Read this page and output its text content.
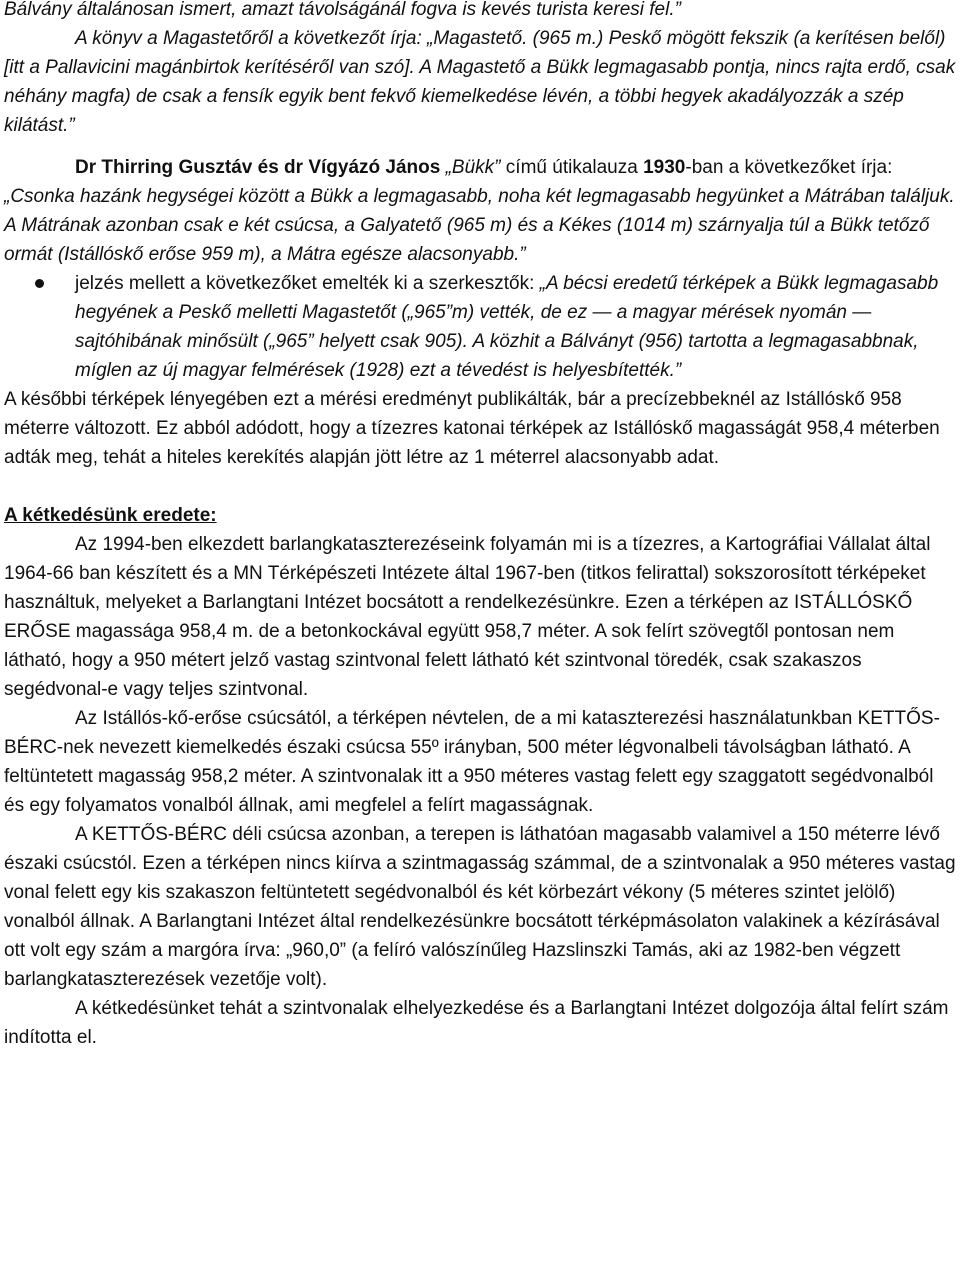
Bálvány általánosan ismert, amazt távolságánál fogva is kevés turista keresi fel.”

A könyv a Magastetőről a következőt írja: „Magastető. (965 m.) Peskő mögött fekszik (a kerítésen belől) [itt a Pallavicini magánbirtok kerítéséről van szó]. A Magastető a Bükk legmagasabb pontja, nincs rajta erdő, csak néhány magfa) de csak a fensík egyik bent fekvő kiemelkedése lévén, a többi hegyek akadályozzák a szép kilátást.”

Dr Thirring Gusztáv és dr Vígyázó János „Bükk” című útikalauza 1930-ban a következőket írja: „Csonka hazánk hegységei között a Bükk a legmagasabb, noha két legmagasabb hegyünket a Mátrában találjuk. A Mátrának azonban csak e két csúcsa, a Galyatető (965 m) és a Kékes (1014 m) szárnyalja túl a Bükk tetőző ormát (Istállóskő erőse 959 m), a Mátra egésze alacsonyabb.”

jelzés mellett a következőket emelték ki a szerkesztők: „A bécsi eredetű térképek a Bükk legmagasabb hegyének a Peskő melletti Magastetőt („965”m) vették, de ez — a magyar mérések nyomán — sajtóhibának minősült („965” helyett csak 905). A közhit a Bálványt (956) tartotta a legmagasabbnak, míglen az új magyar felmérések (1928) ezt a tévedést is helyesbítették.”

A későbbi térképek lényegében ezt a mérési eredményt publikálták, bár a precízebbeknél az Istállóskő 958 méterre változott. Ez abból adódott, hogy a tízezres katonai térképek az Istállóskő magasságát 958,4 méterben adták meg, tehát a hiteles kerekítés alapján jött létre az 1 méterrel alacsonyabb adat.

A kétkedésünk eredete:

Az 1994-ben elkezdett barlangkataszterezéseink folyamán mi is a tízezres, a Kartográfiai Vállalat által 1964-66 ban készített és a MN Térképészeti Intézete által 1967-ben (titkos felirattal) sokszorosított térképeket használtuk, melyeket a Barlangtani Intézet bocsátott a rendelkezésünkre. Ezen a térképen az ISTÁLLÓSKŐ ERŐSE magassága 958,4 m. de a betonkockával együtt 958,7 méter. A sok felírt szövegtől pontosan nem látható, hogy a 950 métert jelző vastag szintvonal felett látható két szintvonal töredék, csak szakaszos segédvonal-e vagy teljes szintvonal.

Az Istállós-kő-erőse csúcsától, a térképen névtelen, de a mi kataszterezési használatunkban KETTŐS-BÉRC-nek nevezett kiemelkedés északi csúcsa 55º irányban, 500 méter légvonalbeli távolságban látható. A feltüntetett magasság 958,2 méter. A szintvonalak itt a 950 méteres vastag felett egy szaggatott segédvonalból és egy folyamatos vonalból állnak, ami megfelel a felírt magasságnak.

A KETTŐS-BÉRC déli csúcsa azonban, a terepen is láthatóan magasabb valamivel a 150 méterre lévő északi csúcstól. Ezen a térképen nincs kiírva a szintmagasság számmal, de a szintvonalak a 950 méteres vastag vonal felett egy kis szakaszon feltüntetett segédvonalból és két körbezárt vékony (5 méteres szintet jelölő) vonalból állnak. A Barlangtani Intézet által rendelkezésünkre bocsátott térképmásolaton valakinek a kézírásával ott volt egy szám a margóra írva: „960,0” (a felíró valószínűleg Hazslinszki Tamás, aki az 1982-ben végzett barlangkataszterezések vezetője volt).

A kétkedésünket tehát a szintvonalak elhelyezkedése és a Barlangtani Intézet dolgozója által felírt szám indította el.
